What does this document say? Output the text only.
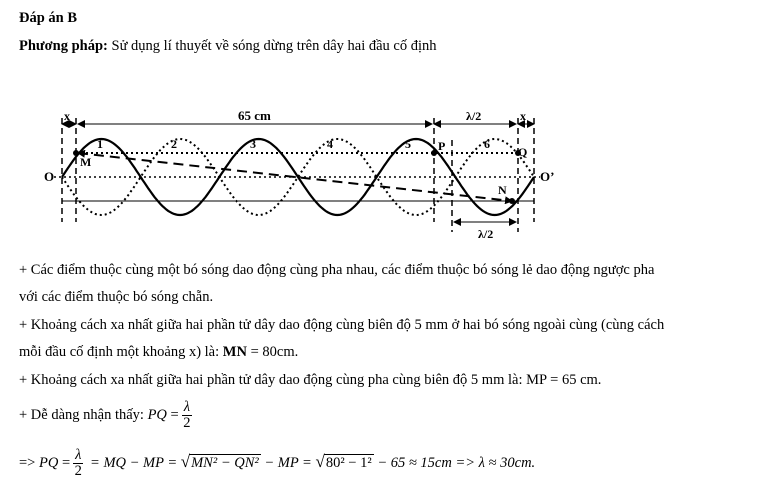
Đáp án B
Phương pháp: Sử dụng lí thuyết về sóng dừng trên dây hai đầu cố định
x	65 cm	λ/2	x
λ/2
O	O’
M
P	Q
N
1	2	3	4	5	6
+ Các điểm thuộc cùng một bó sóng dao động cùng pha nhau, các điểm thuộc bó sóng lẻ dao động ngược pha
với các điểm thuộc bó sóng chẵn.
+ Khoảng cách xa nhất giữa hai phần tử dây dao động cùng biên độ 5 mm ở hai bó sóng ngoài cùng (cùng cách
mỗi đầu cố định một khoảng x) là: MN = 80cm.
+ Khoảng cách xa nhất giữa hai phần tử dây dao động cùng pha cùng biên độ 5 mm là: MP = 65 cm.
+ Dễ dàng nhận thấy: PQ = $\frac{\lambda}{2}$
=> PQ = $\frac{\lambda}{2}$ = MQ − MP = √MN² − QN² − MP = √80² − 1² − 65 ≈ 15cm => λ ≈ 30cm.
